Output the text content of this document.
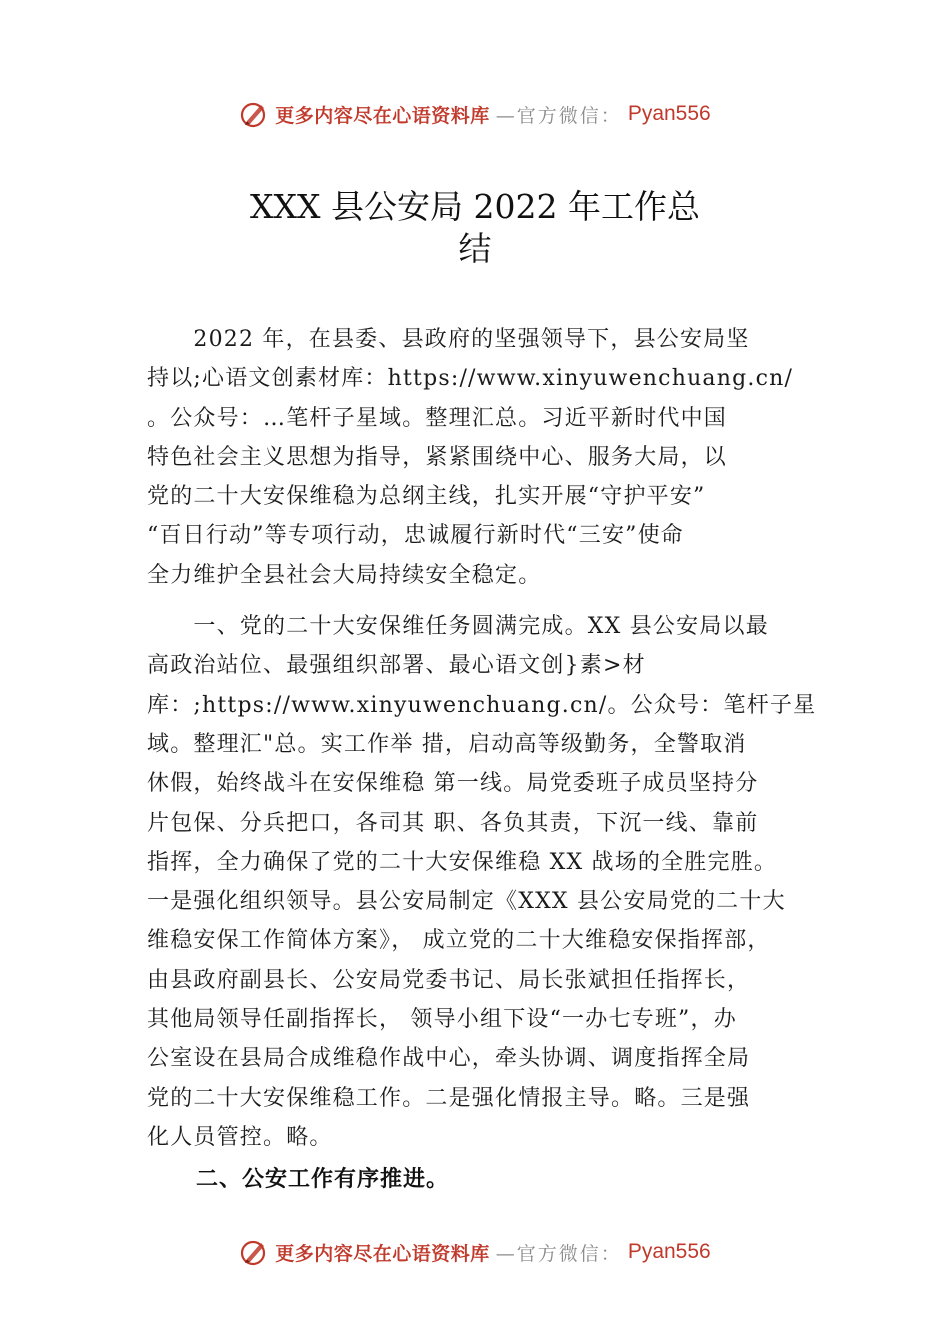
更多内容尽在心语资料库 —官方微信： Pyan556
XXX 县公安局 2022 年工作总
结
　　2022 年，在县委、县政府的坚强领导下，县公安局坚
持以;心语文创素材库：https://www.xinyuwenchuang.cn/
。公众号：…笔杆子星域。整理汇总。习近平新时代中国
特色社会主义思想为指导，紧紧围绕中心、服务大局，以
党的二十大安保维稳为总纲主线，扎实开展“守护平安”
“百日行动”等专项行动，忠诚履行新时代“三安”使命
全力维护全县社会大局持续安全稳定。
　　一、党的二十大安保维任务圆满完成。XX 县公安局以最
高政治站位、最强组织部署、最心语文创}素>材
库：;https://www.xinyuwenchuang.cn/。公众号：笔杆子星
域。整理汇"总。实工作举 措，启动高等级勤务，全警取消
休假，始终战斗在安保维稳 第一线。局党委班子成员坚持分
片包保、分兵把口，各司其 职、各负其责，下沉一线、靠前
指挥，全力确保了党的二十大安保维稳 XX 战场的全胜完胜。
一是强化组织领导。县公安局制定《XXX 县公安局党的二十大
维稳安保工作简体方案》， 成立党的二十大维稳安保指挥部，
由县政府副县长、公安局党委书记、局长张斌担任指挥长，
其他局领导任副指挥长， 领导小组下设“一办七专班”，办
公室设在县局合成维稳作战中心，牵头协调、调度指挥全局
党的二十大安保维稳工作。二是强化情报主导。略。三是强
化人员管控。略。
二、公安工作有序推进。
更多内容尽在心语资料库 —官方微信： Pyan556
